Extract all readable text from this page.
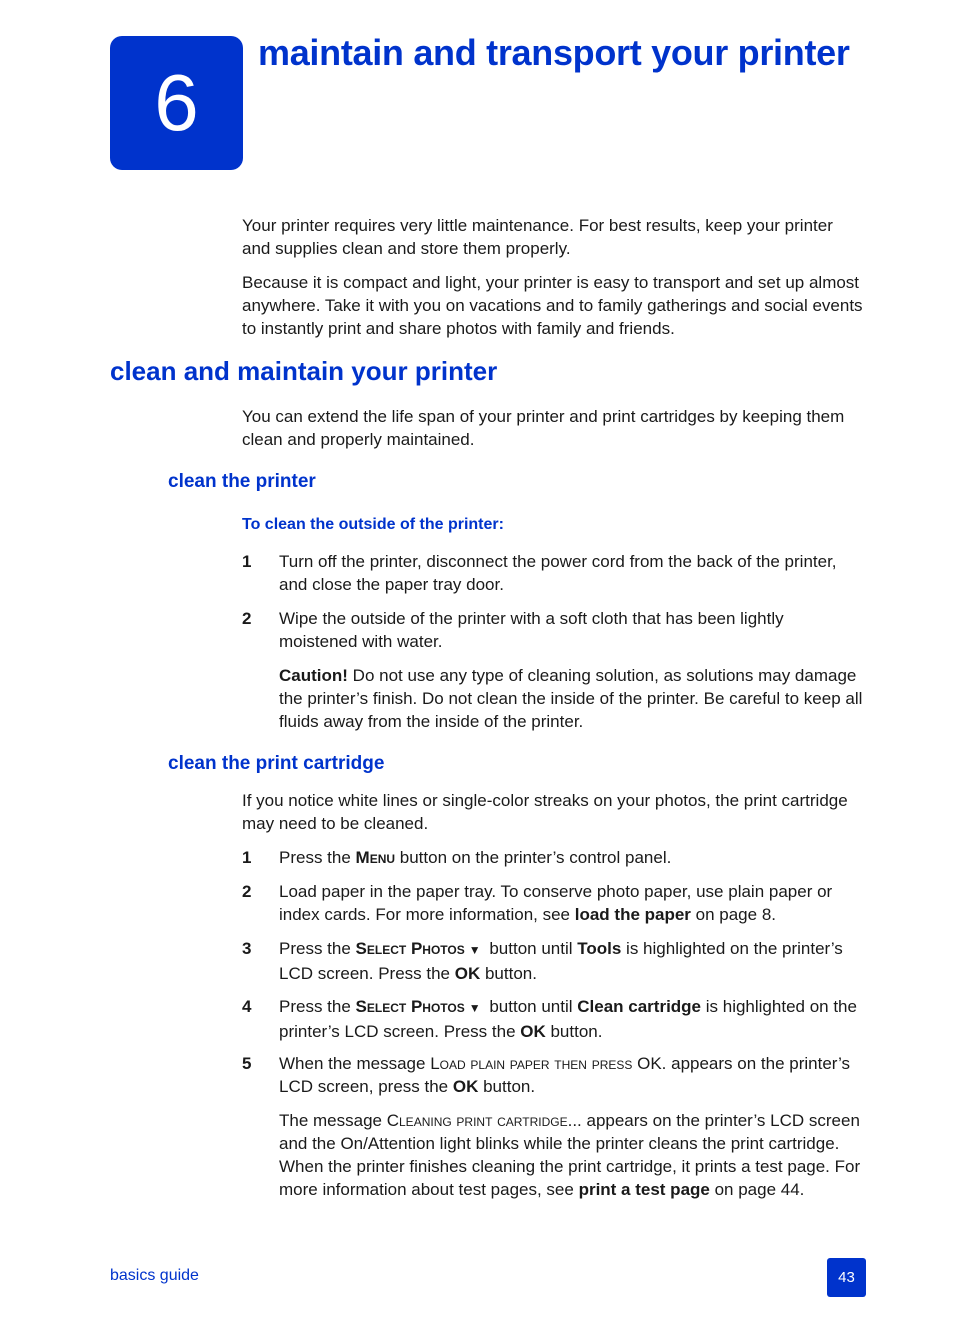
6
maintain and transport your printer

Your printer requires very little maintenance. For best results, keep your printer and supplies clean and store them properly.

Because it is compact and light, your printer is easy to transport and set up almost anywhere. Take it with you on vacations and to family gatherings and social events to instantly print and share photos with family and friends.

clean and maintain your printer

You can extend the life span of your printer and print cartridges by keeping them clean and properly maintained.

clean the printer
To clean the outside of the printer:
1 Turn off the printer, disconnect the power cord from the back of the printer, and close the paper tray door.

2 Wipe the outside of the printer with a soft cloth that has been lightly moistened with water.

Caution! Do not use any type of cleaning solution, as solutions may damage the printer’s finish. Do not clean the inside of the printer. Be careful to keep all fluids away from the inside of the printer.

clean the print cartridge

If you notice white lines or single-color streaks on your photos, the print cartridge may need to be cleaned.

1 Press the Menu button on the printer’s control panel.

2 Load paper in the paper tray. To conserve photo paper, use plain paper or index cards. For more information, see load the paper on page 8.

3 Press the Select Photos ▼ button until Tools is highlighted on the printer’s LCD screen. Press the OK button.

4 Press the Select Photos ▼ button until Clean cartridge is highlighted on the printer’s LCD screen. Press the OK button.

5 When the message Load plain paper then press OK. appears on the printer’s LCD screen, press the OK button.

The message Cleaning print cartridge... appears on the printer’s LCD screen and the On/Attention light blinks while the printer cleans the print cartridge. When the printer finishes cleaning the print cartridge, it prints a test page. For more information about test pages, see print a test page on page 44.

basics guide	43
